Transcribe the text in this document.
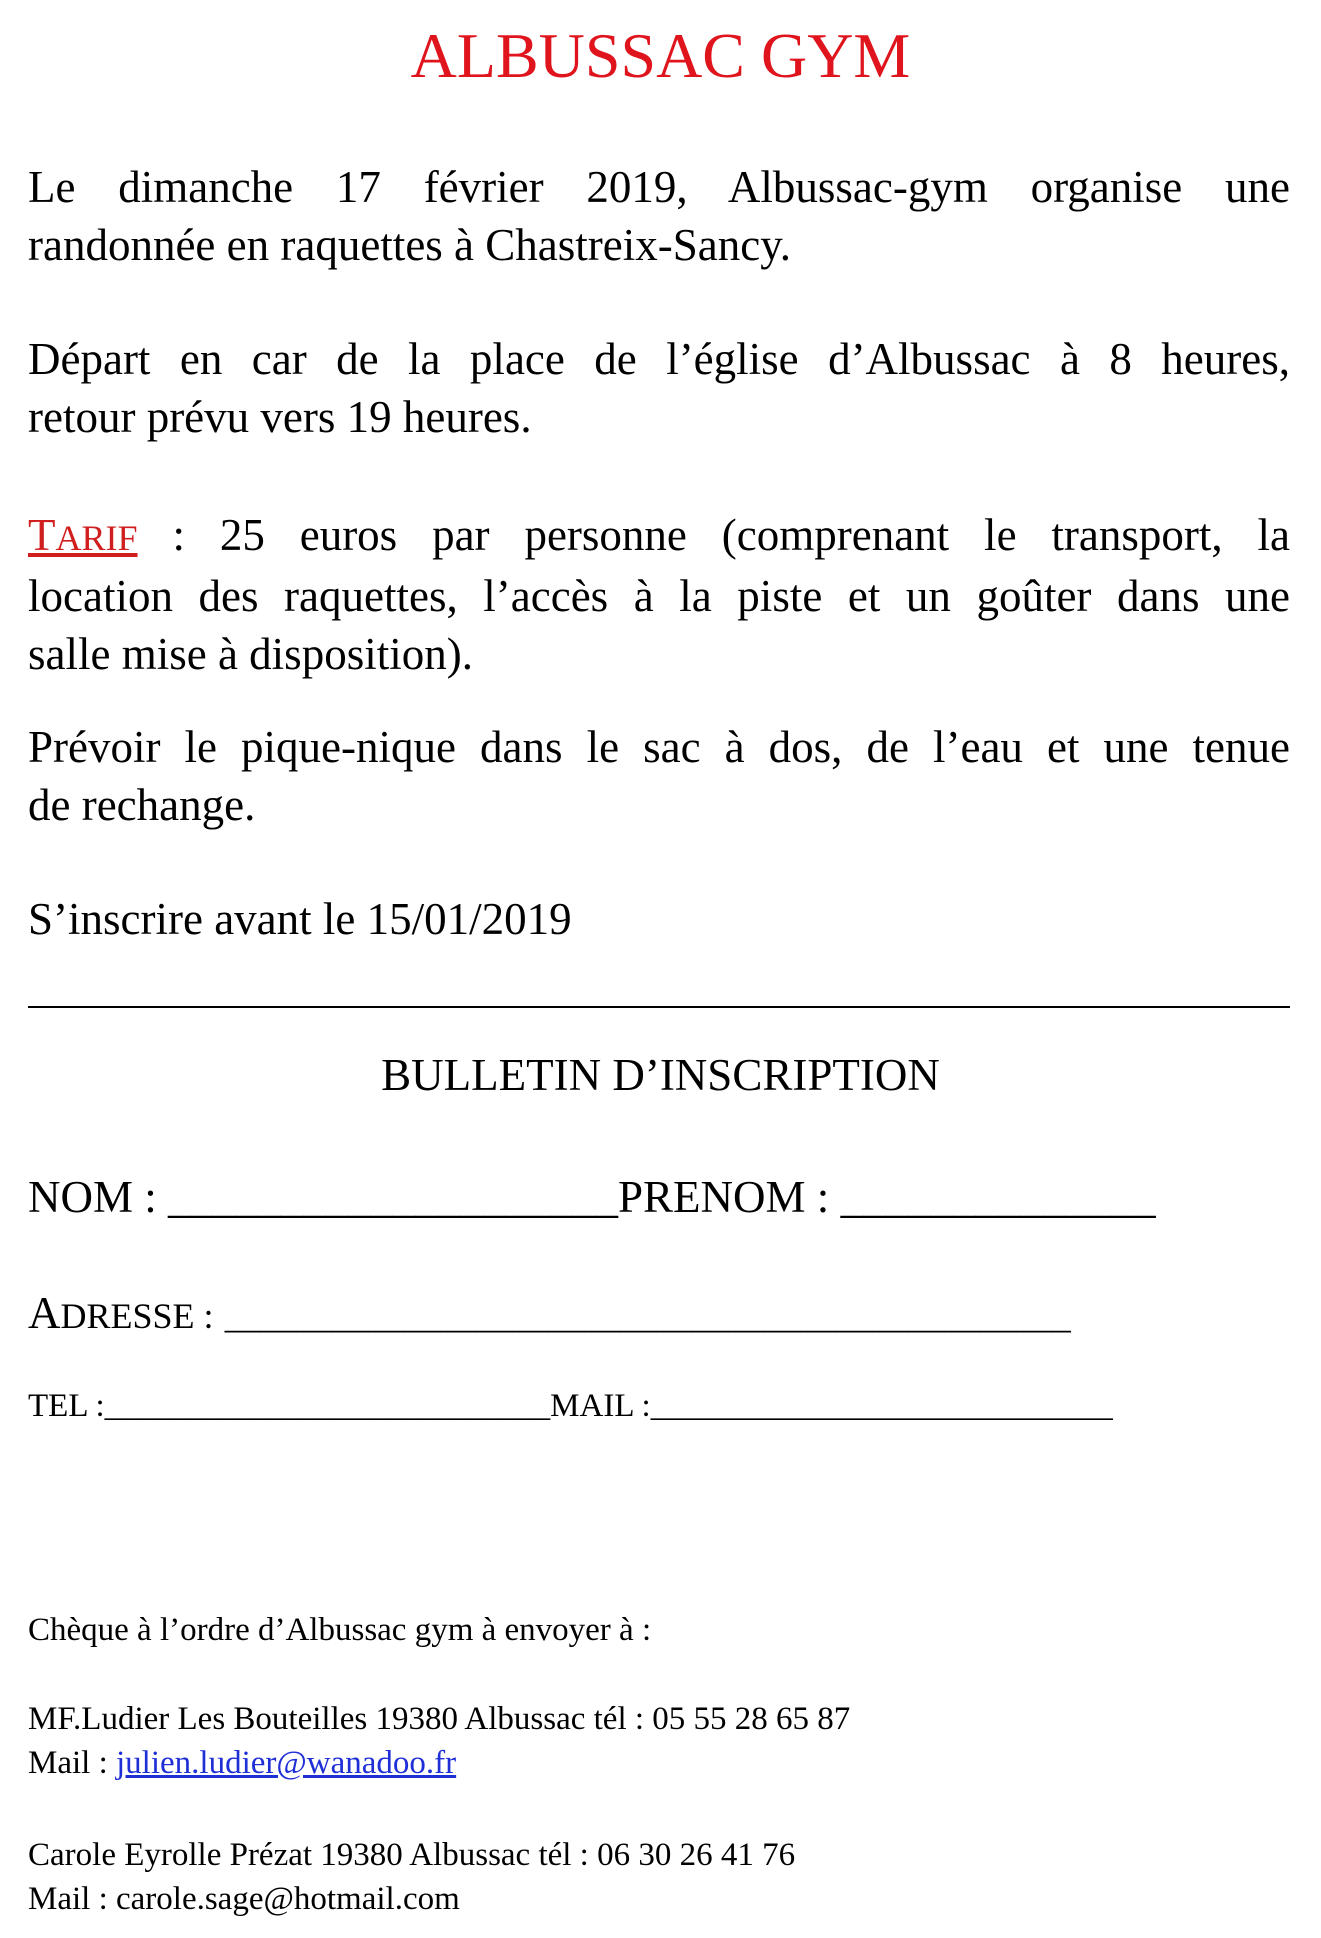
ALBUSSAC GYM
Le dimanche 17 février 2019, Albussac-gym organise une
randonnée en raquettes à Chastreix-Sancy.
Départ en car de la place de l’église d’Albussac à 8 heures,
retour prévu vers 19 heures.
TARIF : 25 euros par personne (comprenant le transport, la
location des raquettes, l’accès à la piste et un goûter dans une
salle mise à disposition).
Prévoir le pique-nique dans le sac à dos, de l’eau et une tenue
de rechange.
S’inscrire avant le 15/01/2019
BULLETIN D’INSCRIPTION
NOM : ____________________PRENOM : ______________
ADRESSE : _______________________________________________
TEL :___________________________MAIL :____________________________
Chèque à l’ordre d’Albussac gym à envoyer à :
MF.Ludier Les Bouteilles 19380 Albussac tél : 05 55 28 65 87
Mail : julien.ludier@wanadoo.fr
Carole Eyrolle Prézat 19380 Albussac tél : 06 30 26 41 76
Mail : carole.sage@hotmail.com
